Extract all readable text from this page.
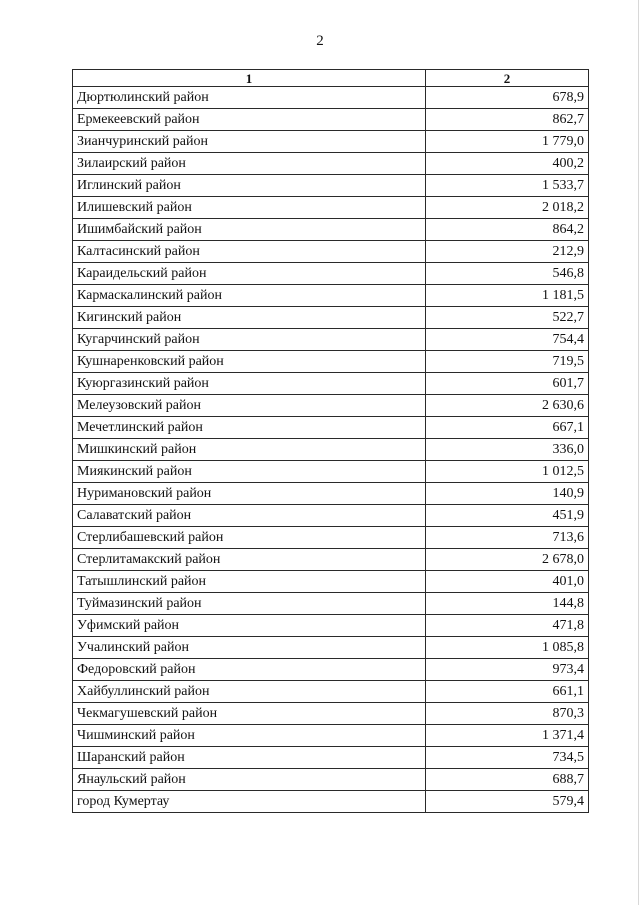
2
1	2
Дюртюлинский район	678,9
Ермекеевский район	862,7
Зианчуринский район	1 779,0
Зилаирский район	400,2
Иглинский район	1 533,7
Илишевский район	2 018,2
Ишимбайский район	864,2
Калтасинский район	212,9
Караидельский район	546,8
Кармаскалинский район	1 181,5
Кигинский район	522,7
Кугарчинский район	754,4
Кушнаренковский район	719,5
Куюргазинский район	601,7
Мелеузовский район	2 630,6
Мечетлинский район	667,1
Мишкинский район	336,0
Миякинский район	1 012,5
Нуримановский район	140,9
Салаватский район	451,9
Стерлибашевский район	713,6
Стерлитамакский район	2 678,0
Татышлинский район	401,0
Туймазинский район	144,8
Уфимский район	471,8
Учалинский район	1 085,8
Федоровский район	973,4
Хайбуллинский район	661,1
Чекмагушевский район	870,3
Чишминский район	1 371,4
Шаранский район	734,5
Янаульский район	688,7
город Кумертау	579,4
